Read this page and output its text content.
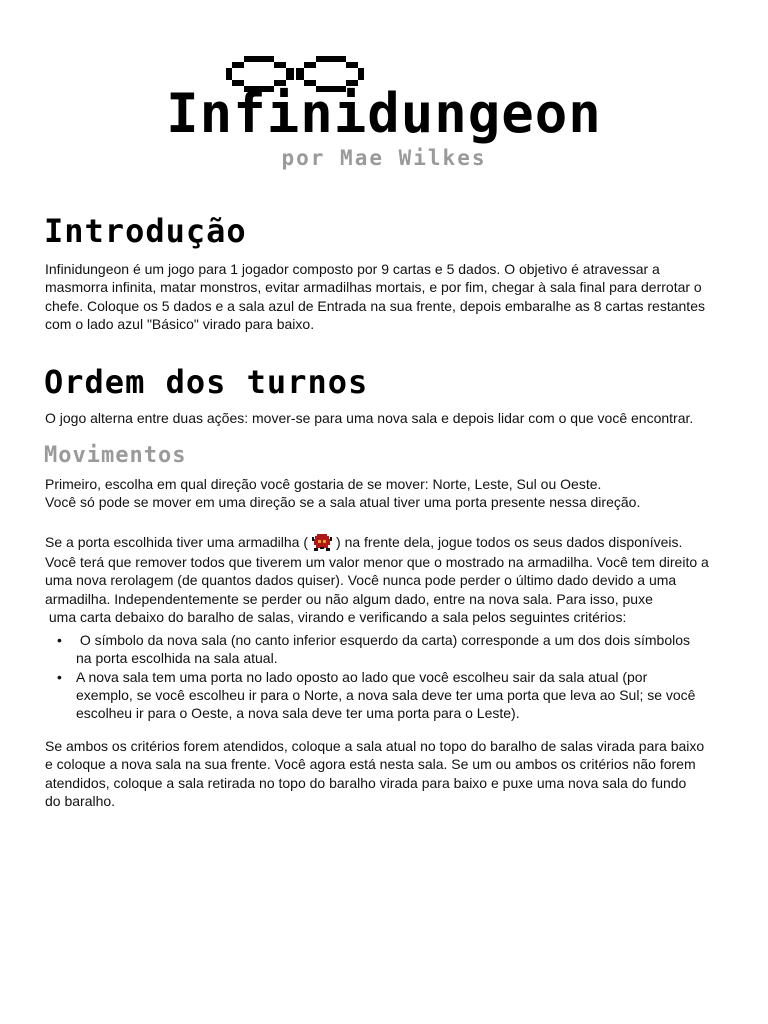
Infinidungeon
por Mae Wilkes
Introdução

Infinidungeon é um jogo para 1 jogador composto por 9 cartas e 5 dados. O objetivo é atravessar a
masmorra infinita, matar monstros, evitar armadilhas mortais, e por fim, chegar à sala final para derrotar o
chefe. Coloque os 5 dados e a sala azul de Entrada na sua frente, depois embaralhe as 8 cartas restantes
com o lado azul "Básico" virado para baixo.

Ordem dos turnos

O jogo alterna entre duas ações: mover-se para uma nova sala e depois lidar com o que você encontrar.

Movimentos

Primeiro, escolha em qual direção você gostaria de se mover: Norte, Leste, Sul ou Oeste.
Você só pode se mover em uma direção se a sala atual tiver uma porta presente nessa direção.

Se a porta escolhida tiver uma armadilha ( ) na frente dela, jogue todos os seus dados disponíveis.
Você terá que remover todos que tiverem um valor menor que o mostrado na armadilha. Você tem direito a
uma nova rerolagem (de quantos dados quiser). Você nunca pode perder o último dado devido a uma
armadilha. Independentemente se perder ou não algum dado, entre na nova sala. Para isso, puxe
uma carta debaixo do baralho de salas, virando e verificando a sala pelos seguintes critérios:

• O símbolo da nova sala (no canto inferior esquerdo da carta) corresponde a um dos dois símbolos
na porta escolhida na sala atual.
• A nova sala tem uma porta no lado oposto ao lado que você escolheu sair da sala atual (por
exemplo, se você escolheu ir para o Norte, a nova sala deve ter uma porta que leva ao Sul; se você
escolheu ir para o Oeste, a nova sala deve ter uma porta para o Leste).

Se ambos os critérios forem atendidos, coloque a sala atual no topo do baralho de salas virada para baixo
e coloque a nova sala na sua frente. Você agora está nesta sala. Se um ou ambos os critérios não forem
atendidos, coloque a sala retirada no topo do baralho virada para baixo e puxe uma nova sala do fundo
do baralho.
